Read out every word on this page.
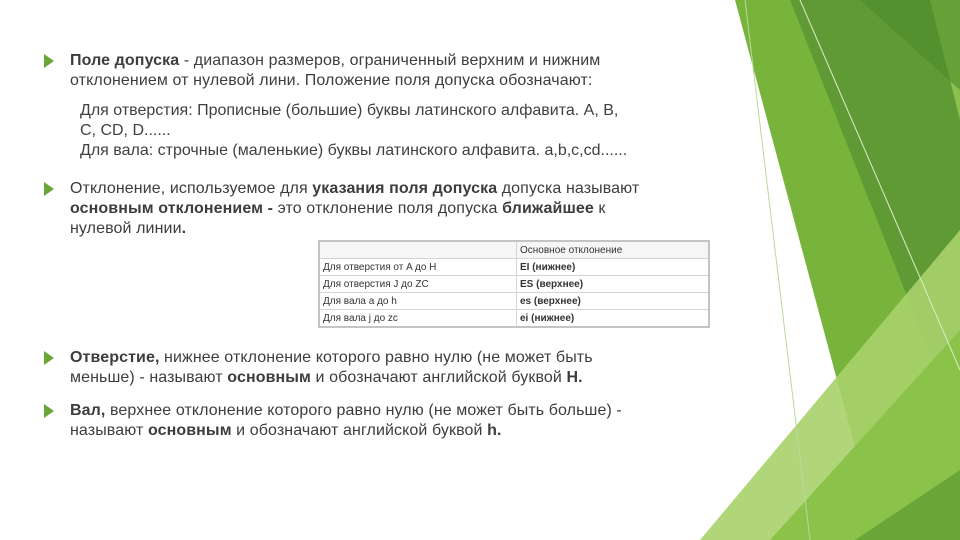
Поле допуска - диапазон размеров, ограниченный верхним и нижним
отклонением от нулевой лини. Положение поля допуска обозначают:
Для отверстия: Прописные (большие) буквы латинского алфавита. А, В,
С, СD, D......
Для вала: строчные (маленькие) буквы латинского алфавита. a,b,c,cd......
Отклонение, используемое для указания поля допуска допуска называют
основным отклонением - это отклонение поля допуска ближайшее к
нулевой линии.
	Основное отклонение
Для отверстия от A до H	EI (нижнее)
Для отверстия J до ZC	ES (верхнее)
Для вала a до h	es (верхнее)
Для вала j до zc	ei (нижнее)
Отверстие, нижнее отклонение которого равно нулю (не может быть
меньше) - называют основным и обозначают английской буквой H.
Вал, верхнее отклонение которого равно нулю (не может быть больше) -
называют основным и обозначают английской буквой h.
